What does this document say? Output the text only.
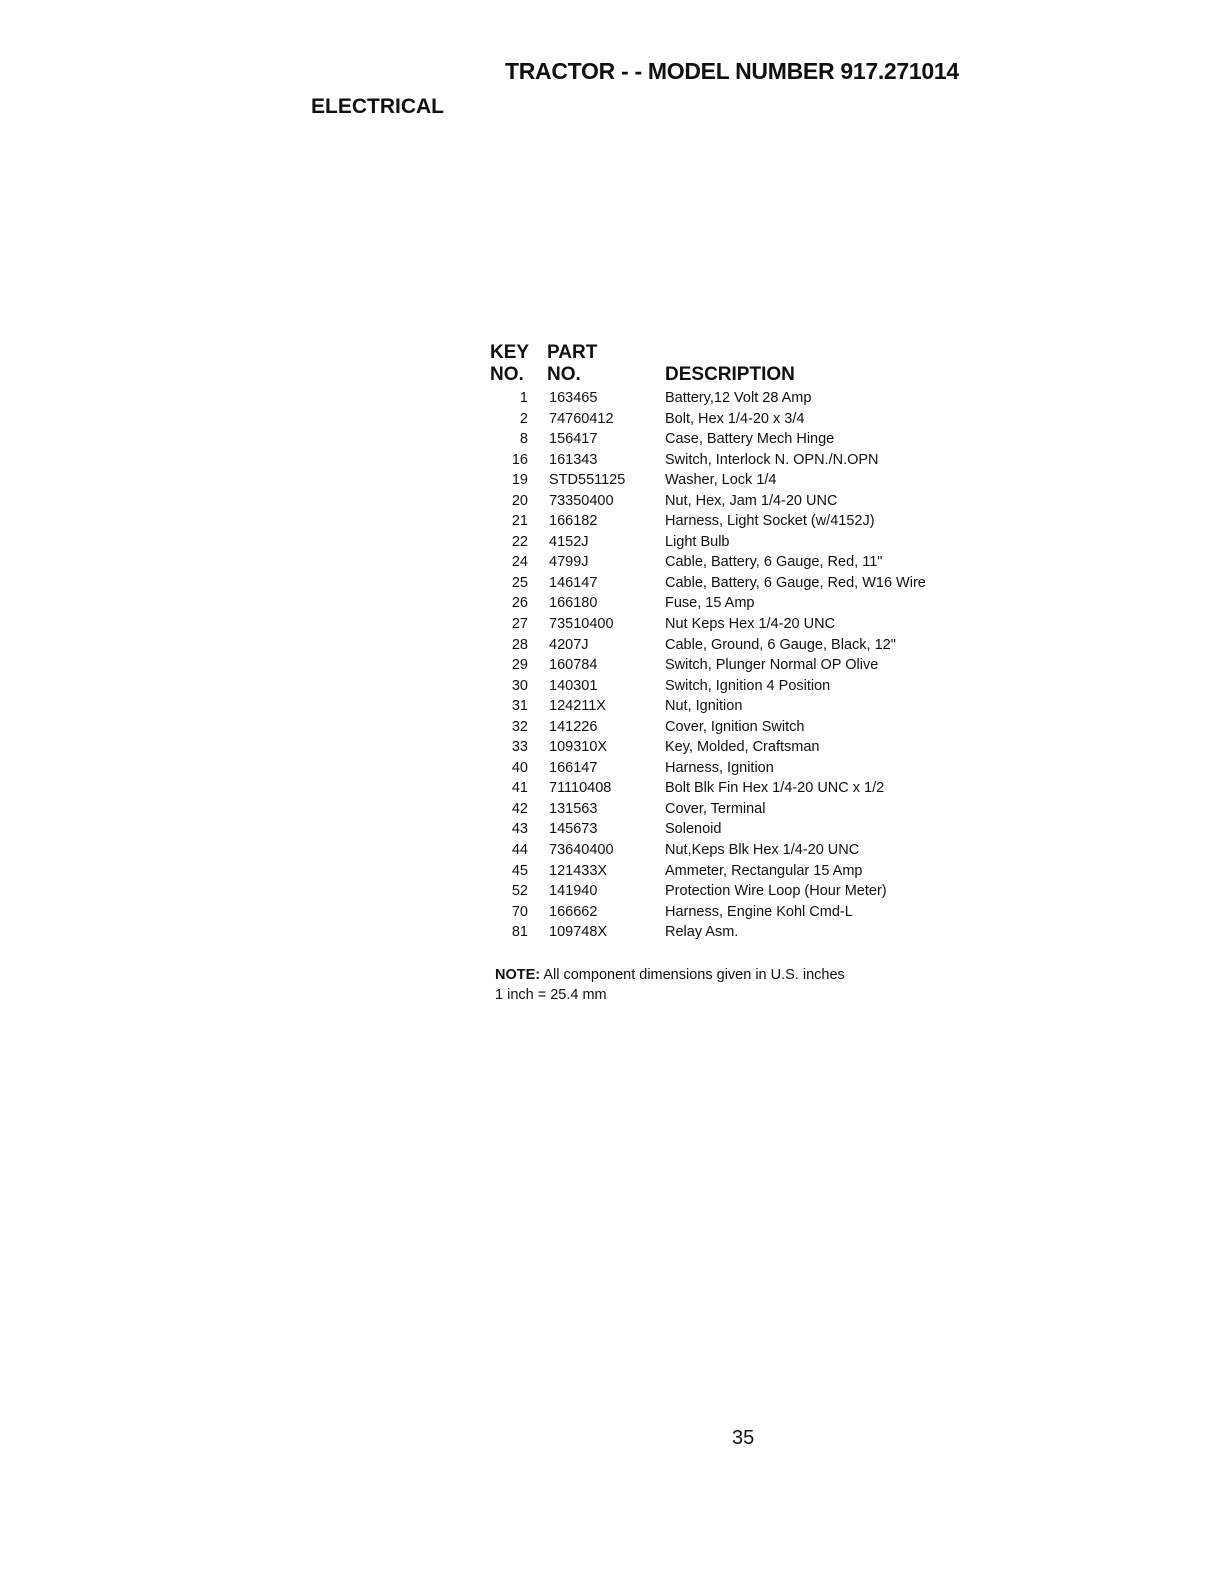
TRACTOR - - MODEL NUMBER 917.271014
ELECTRICAL
KEY
NO.
PART
NO.	DESCRIPTION
1 163465	Battery,12 Volt 28 Amp
2 74760412	Bolt, Hex 1/4-20 x 3/4
8 156417	Case, Battery Mech Hinge
16 161343	Switch, Interlock N. OPN./N.OPN
19 STD551125	Washer, Lock 1/4
20 73350400	Nut, Hex, Jam 1/4-20 UNC
21 166182	Harness, Light Socket (w/4152J)
22 4152J	Light Bulb
24 4799J	Cable, Battery, 6 Gauge, Red, 11"
25 146147	Cable, Battery, 6 Gauge, Red, W16 Wire
26 166180	Fuse, 15 Amp
27 73510400	Nut Keps Hex 1/4-20 UNC
28 4207J	Cable, Ground, 6 Gauge, Black, 12"
29 160784	Switch, Plunger Normal OP Olive
30 140301	Switch, Ignition 4 Position
31 124211X	Nut, Ignition
32 141226	Cover, Ignition Switch
33 109310X	Key, Molded, Craftsman
40 166147	Harness, Ignition
41 71110408	Bolt Blk Fin Hex 1/4-20 UNC x 1/2
42 131563	Cover, Terminal
43 145673	Solenoid
44 73640400	Nut,Keps Blk Hex 1/4-20 UNC
45 121433X	Ammeter, Rectangular 15 Amp
52 141940	Protection Wire Loop (Hour Meter)
70 166662	Harness, Engine Kohl Cmd-L
81 109748X	Relay Asm.
NOTE: All component dimensions given in U.S. inches
1 inch = 25.4 mm
35
